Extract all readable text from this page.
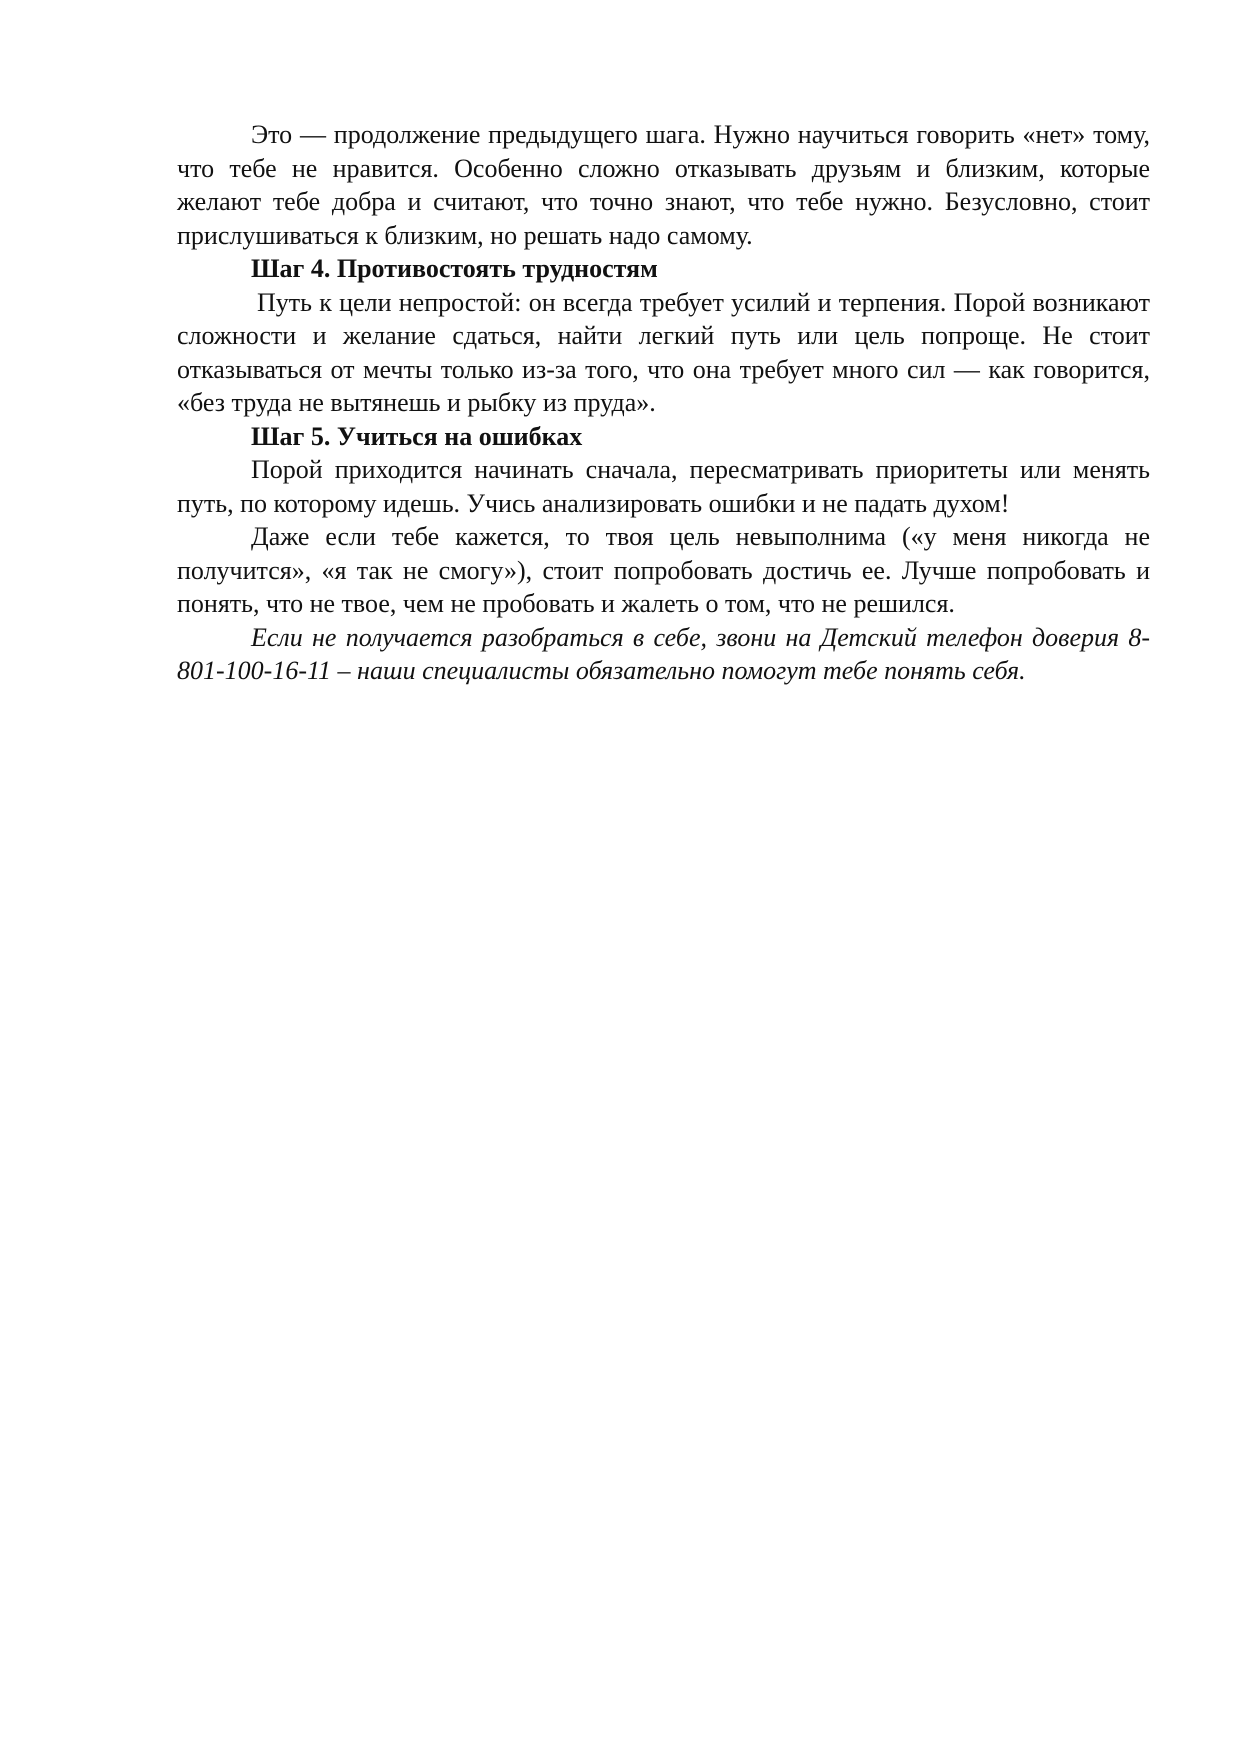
Это — продолжение предыдущего шага. Нужно научиться говорить «нет» тому, что тебе не нравится. Особенно сложно отказывать друзьям и близким, которые желают тебе добра и считают, что точно знают, что тебе нужно. Безусловно, стоит прислушиваться к близким, но решать надо самому.

Шаг 4. Противостоять трудностям

Путь к цели непростой: он всегда требует усилий и терпения. Порой возникают сложности и желание сдаться, найти легкий путь или цель попроще. Не стоит отказываться от мечты только из-за того, что она требует много сил — как говорится, «без труда не вытянешь и рыбку из пруда».

Шаг 5. Учиться на ошибках

Порой приходится начинать сначала, пересматривать приоритеты или менять путь, по которому идешь. Учись анализировать ошибки и не падать духом!

Даже если тебе кажется, то твоя цель невыполнима («у меня никогда не получится», «я так не смогу»), стоит попробовать достичь ее. Лучше попробовать и понять, что не твое, чем не пробовать и жалеть о том, что не решился.

Если не получается разобраться в себе, звони на Детский телефон доверия 8-801-100-16-11 – наши специалисты обязательно помогут тебе понять себя.
